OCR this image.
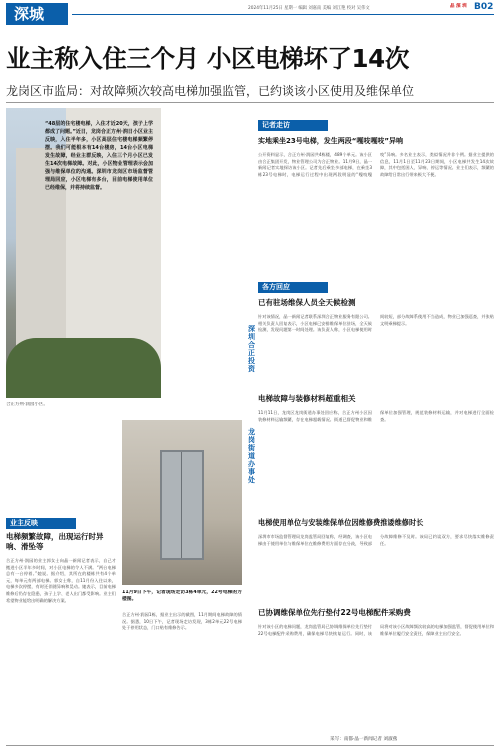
深城	2024年11月25日 星期一 编辑 刘嘉南 美编 刘江艳 校对 吴伟文	品 深 圳 B02
业主称入住三个月 小区电梯坏了14次
龙岗区市监局：对故障频次较高电梯加强监管，已约谈该小区使用及维保单位
“48层的住宅楼电梯，入住才近20天，孩子上学都成了问题。”近日，龙岗合正方州·润日小区业主反映，入住半年多，小区高层住宅楼电梯频繁停摆。我们可能根本有14台楼房，14台小区电梯发生故障，经业主群反映，入住三个月小区已发生14次电梯故障。对此，小区物业管理表示会加强与维保单位的沟通。深圳市龙岗区市场监督管理局回应，小区电梯有多台，目前电梯使用单位已经维保，并将持续监督。
合正方州·润园小区。
业主反映
电梯频繁故障，出现运行时异响、滑坠等
合正方州·润园的业主郭女士向晶一新闻记者表示，自己才搬进小区半年多时间，对小区电梯的令人不满。“两台电梯总有一台停着。”她说。据介绍，其所在的楼栋共有4个单元，每单元有两部电梯。郭女士称，自11月份入住以来，电梯多次停摆，有时还伴随异响和晃动。她表示，目前电梯维修后仍存在隐患，孩子上学、老人出门都受影响。业主们希望物业能给出明确的解决方案。
11月9日下午，记者现场走访3栋4单元，22号电梯的方楼图。
合正方州·润园1栋，据业主出示的截图，11月期间电梯故障的情况。据悉，10日下午，记者现场走访发现，3栋2单元22号电梯处于停用状态，门口贴有维修告示。
深圳合正投资
龙岗街道办事处
记者走访
实地乘坐23号电梯，发生两段“嘎吱嘎吱”异响
公开资料显示，合正方州·润园共4栋楼，489个单元。该小区由合正集团开发，物业管理公司为合正物业。11月9日，晶一新闻记者实地探访该小区。记者先后乘坐多部电梯，在乘坐3栋23号电梯时，电梯运行过程中出现两段明显的“嘎吱嘎吱”异响。多名业主表示，类似情况并非个例。据业主提供的信息，11月1日至11月23日期间，小区电梯共发生14次故障，其中包括困人、异响、停运等情况。业主们表示，频繁的故障给日常出行带来极大不便。
各方回应
已有驻场维保人员全天候检测
针对该情况，晶一新闻记者联系深圳合正物业服务有限公司。相关负责人回复表示，小区电梯已安排维保单位驻场，全天候检测，发现问题第一时间处理。该负责人称，小区电梯使用时间较短，部分故障系使用不当造成，物业已加强巡查，并张贴文明乘梯提示。
电梯故障与装修材料超重相关
11月11日，龙岗区龙岗街道办事处回应称，合正方州小区因装修材料运输频繁，存在电梯超载情况。街道已督促物业和维保单位加强管理，规范装修材料运输，并对电梯进行全面检查。
电梯使用单位与安装维保单位因维修费推诿维修时长
深圳市市场监督管理局龙岗监管局回复称，经调查，该小区电梯由于使用单位与维保单位在维修费用方面存在分歧，导致部分故障维修不及时。该局已约谈双方，要求尽快落实维修责任。
已协调维保单位先行垫付22号电梯配件采购费
针对该小区的电梯问题，龙岗监管局已协调维保单位先行垫付22号电梯配件采购费用，确保电梯尽快恢复运行。同时，该局将对该小区故障频次较高的电梯加强监管，督促使用单位和维保单位履行安全责任，保障业主出行安全。
采写：南都·晶一新闻记者 刘淑燕
